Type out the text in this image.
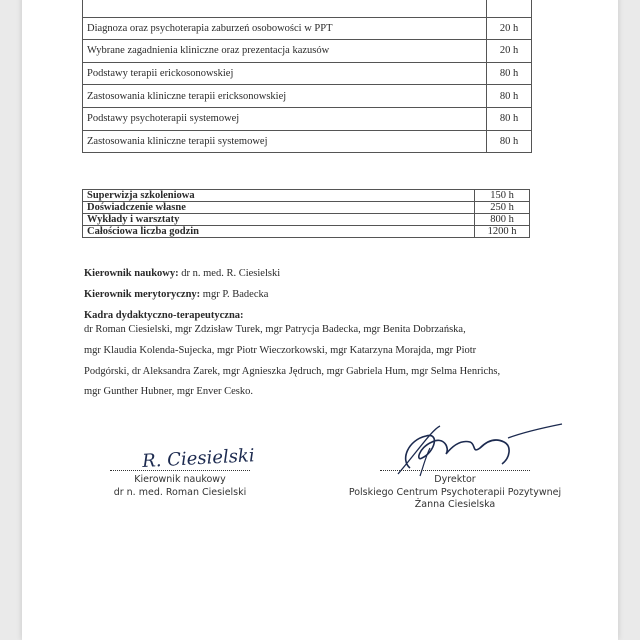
Diagnoza oraz psychoterapia zaburzeń osobowości w PPT	20 h
Wybrane zagadnienia kliniczne oraz prezentacja kazusów	20 h
Podstawy terapii erickosonowskiej	80 h
Zastosowania kliniczne terapii ericksonowskiej	80 h
Podstawy psychoterapii systemowej	80 h
Zastosowania kliniczne terapii systemowej	80 h
Superwizja szkoleniowa	150 h
Doświadczenie własne	250 h
Wykłady i warsztaty	800 h
Całościowa liczba godzin	1200 h
Kierownik naukowy: dr n. med. R. Ciesielski
Kierownik merytoryczny: mgr P. Badecka
Kadra dydaktyczno-terapeutyczna:
dr Roman Ciesielski, mgr Zdzisław Turek, mgr Patrycja Badecka, mgr Benita Dobrzańska,
mgr Klaudia Kolenda-Sujecka, mgr Piotr Wieczorkowski, mgr Katarzyna Morajda, mgr Piotr
Podgórski, dr Aleksandra Zarek, mgr Agnieszka Jędruch, mgr Gabriela Hum, mgr Selma Henrichs,
mgr Gunther Hubner, mgr Enver Cesko.
R. Ciesielski
Kierownik naukowy
dr n. med. Roman Ciesielski
Dyrektor
Polskiego Centrum Psychoterapii Pozytywnej
Żanna Ciesielska
